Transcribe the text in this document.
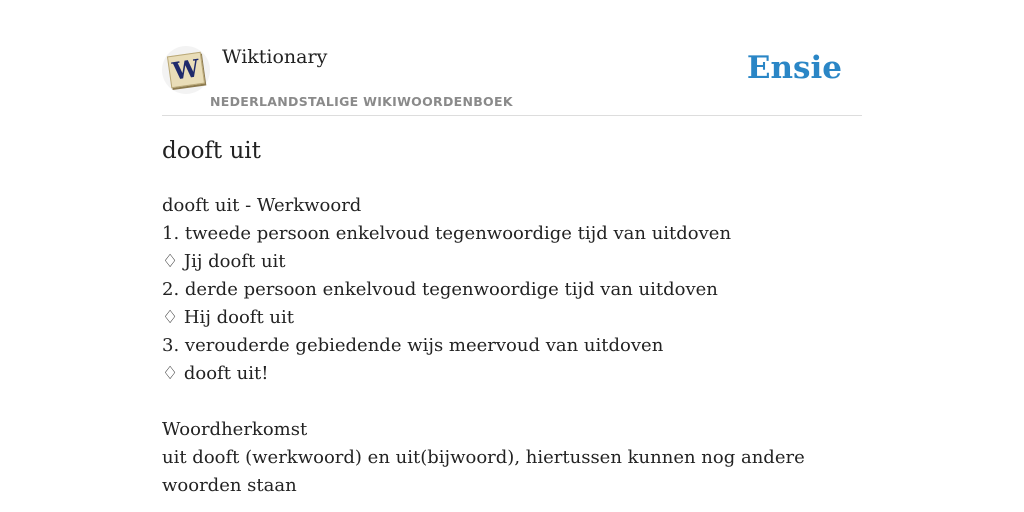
W Wiktionary
NEDERLANDSTALIGE WIKIWOORDENBOEK
Ensie
dooft uit
dooft uit - Werkwoord
1. tweede persoon enkelvoud tegenwoordige tijd van uitdoven
♢ Jij dooft uit
2. derde persoon enkelvoud tegenwoordige tijd van uitdoven
♢ Hij dooft uit
3. verouderde gebiedende wijs meervoud van uitdoven
♢ dooft uit!
Woordherkomst
uit dooft (werkwoord) en uit(bijwoord), hiertussen kunnen nog andere woorden staan
